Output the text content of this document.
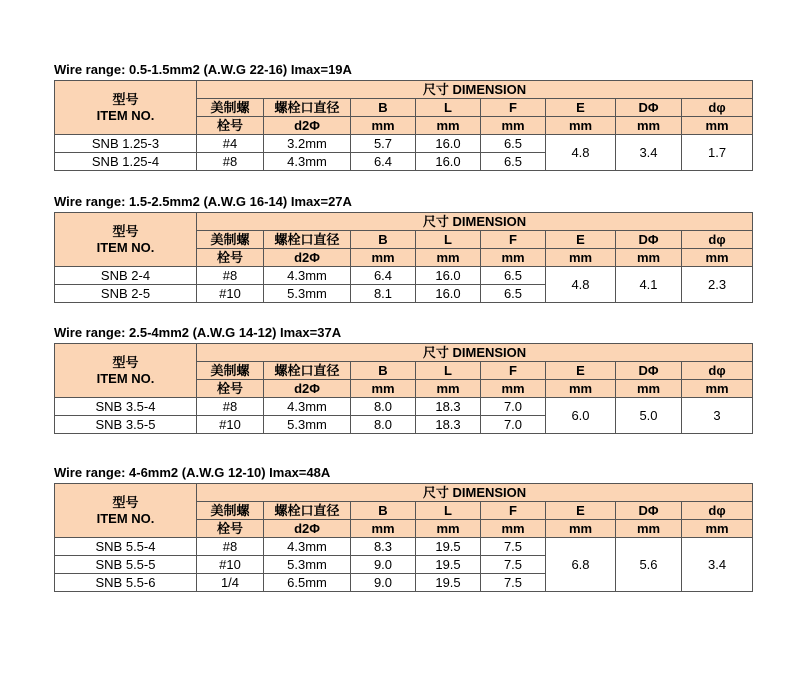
Wire range: 0.5-1.5mm2 (A.W.G 22-16) Imax=19A
型号
ITEM NO.	尺寸 DIMENSION							
	美制螺	螺栓口直径	B	L	F	E	DΦ	dφ
	栓号	d2Φ	mm	mm	mm	mm	mm	mm
SNB 1.25-3	#4	3.2mm	5.7	16.0	6.5	4.8	3.4	1.7
SNB 1.25-4	#8	4.3mm	6.4	16.0	6.5			
Wire range: 1.5-2.5mm2 (A.W.G 16-14) Imax=27A
型号
ITEM NO.	尺寸 DIMENSION							
	美制螺	螺栓口直径	B	L	F	E	DΦ	dφ
	栓号	d2Φ	mm	mm	mm	mm	mm	mm
SNB 2-4	#8	4.3mm	6.4	16.0	6.5	4.8	4.1	2.3
SNB 2-5	#10	5.3mm	8.1	16.0	6.5			
Wire range: 2.5-4mm2 (A.W.G 14-12) Imax=37A
型号
ITEM NO.	尺寸 DIMENSION							
	美制螺	螺栓口直径	B	L	F	E	DΦ	dφ
	栓号	d2Φ	mm	mm	mm	mm	mm	mm
SNB 3.5-4	#8	4.3mm	8.0	18.3	7.0	6.0	5.0	3
SNB 3.5-5	#10	5.3mm	8.0	18.3	7.0			
Wire range: 4-6mm2 (A.W.G 12-10) Imax=48A
型号
ITEM NO.	尺寸 DIMENSION							
	美制螺	螺栓口直径	B	L	F	E	DΦ	dφ
	栓号	d2Φ	mm	mm	mm	mm	mm	mm
SNB 5.5-4	#8	4.3mm	8.3	19.5	7.5	6.8	5.6	3.4
SNB 5.5-5	#10	5.3mm	9.0	19.5	7.5			
SNB 5.5-6	1/4	6.5mm	9.0	19.5	7.5			
